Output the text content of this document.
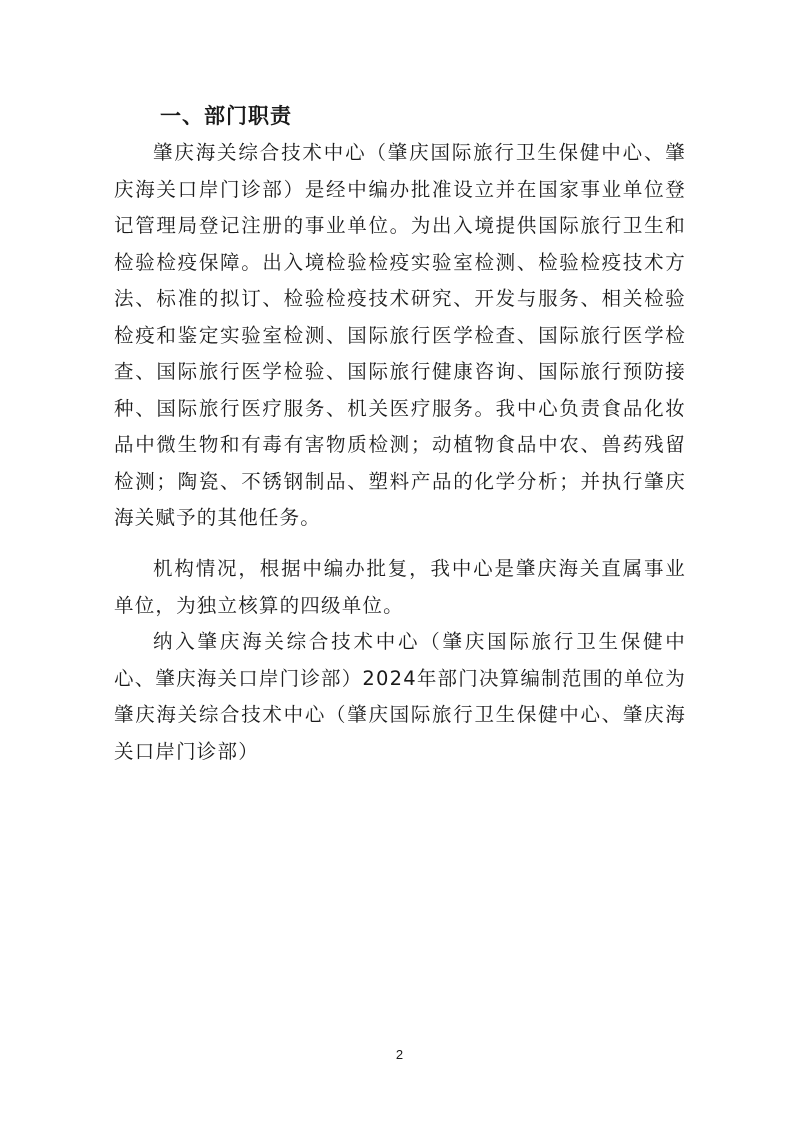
一、部门职责

肇庆海关综合技术中心（肇庆国际旅行卫生保健中心、肇庆海关口岸门诊部）是经中编办批准设立并在国家事业单位登记管理局登记注册的事业单位。为出入境提供国际旅行卫生和检验检疫保障。出入境检验检疫实验室检测、检验检疫技术方法、标准的拟订、检验检疫技术研究、开发与服务、相关检验检疫和鉴定实验室检测、国际旅行医学检查、国际旅行医学检查、国际旅行医学检验、国际旅行健康咨询、国际旅行预防接种、国际旅行医疗服务、机关医疗服务。我中心负责食品化妆品中微生物和有毒有害物质检测；动植物食品中农、兽药残留检测；陶瓷、不锈钢制品、塑料产品的化学分析；并执行肇庆海关赋予的其他任务。

机构情况，根据中编办批复，我中心是肇庆海关直属事业单位，为独立核算的四级单位。

纳入肇庆海关综合技术中心（肇庆国际旅行卫生保健中心、肇庆海关口岸门诊部）2024年部门决算编制范围的单位为肇庆海关综合技术中心（肇庆国际旅行卫生保健中心、肇庆海关口岸门诊部）

2
